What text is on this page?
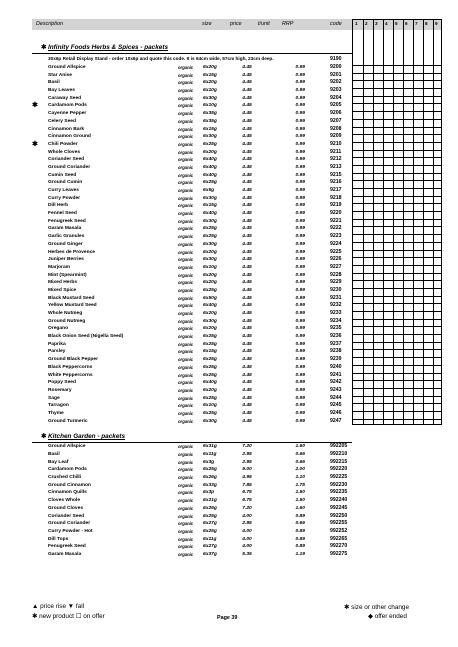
Description	size	price	t/unit RRP	code
✱ Infinity Foods Herbs & Spices - packets
30x6p Retail Display Stand - order 10x6p and quote this code. It is 64cm wide, 57cm high, 23cm deep.	9190
Ground Allspice	organic 6x20g	4.45	0.99	9200
Star Anise	organic 6x15g	4.45	0.99	9201
Basil	organic 6x20g	4.45	0.99	9202
Bay Leaves	organic 6x10g	4.45	0.99	9203
Caraway Seed	organic 6x30g	4.45	0.99	9204
✱ Cardamom Pods	organic 6x10g	4.45	0.99	9205
Cayenne Pepper	organic 6x35g	4.45	0.99	9206
Celery Seed	organic 6x35g	4.45	0.99	9207
Cinnamon Bark	organic 6x15g	4.45	0.99	9208
Cinnamon Ground	organic 6x30g	4.45	0.99	9209
✱ Chili Powder	organic 6x25g	4.45	0.99	9210
Whole Cloves	organic 6x20g	4.45	0.99	9211
Coriander Seed	organic 6x40g	4.45	0.99	9212
Ground Coriander	organic 6x40g	4.45	0.99	9213
Cumin Seed	organic 6x40g	4.45	0.99	9215
Ground Cumin	organic 6x25g	4.45	0.99	9216
Curry Leaves	organic 6x5g	4.45	0.99	9217
Curry Powder	organic 6x30g	4.45	0.99	9218
Dill Herb	organic 6x15g	4.45	0.99	9219
Fennel Seed	organic 6x40g	4.45	0.99	9220
Fenugreek Seed	organic 6x30g	4.45	0.99	9221
Garam Masala	organic 6x25g	4.45	0.99	9222
Garlic Granules	organic 6x25g	4.45	0.99	9223
Ground Ginger	organic 6x30g	4.45	0.99	9224
Herbes de Provence	organic 6x20g	4.45	0.99	9225
Juniper Berries	organic 6x30g	4.45	0.99	9226
Marjoram	organic 6x10g	4.45	0.99	9227
Mint (Spearmint)	organic 6x20g	4.45	0.99	9228
Mixed Herbs	organic 6x20g	4.45	0.99	9229
Mixed Spice	organic 6x25g	4.45	0.99	9230
Black Mustard Seed	organic 6x50g	4.45	0.99	9231
Yellow Mustard Seed	organic 6x40g	4.45	0.99	9232
Whole Nutmeg	organic 6x20g	4.45	0.99	9233
Ground Nutmeg	organic 6x30g	4.45	0.99	9234
Oregano	organic 6x20g	4.45	0.99	9235
Black Onion Seed (Nigella Seed)	organic 6x25g	4.45	0.99	9236
Paprika	organic 6x25g	4.45	0.99	9237
Parsley	organic 6x15g	4.45	0.99	9238
Ground Black Pepper	organic 6x25g	4.45	0.99	9239
Black Peppercorns	organic 6x25g	4.45	0.99	9240
White Peppercorns	organic 6x25g	4.45	0.99	9241
Poppy Seed	organic 6x40g	4.45	0.99	9242
Rosemary	organic 6x20g	4.45	0.99	9243
Sage	organic 6x25g	4.45	0.99	9244
Tarragon	organic 6x10g	4.45	0.99	9245
Thyme	organic 6x25g	4.45	0.99	9246
Ground Turmeric	organic 6x30g	4.45	0.99	9247
✱ Kitchen Garden - packets
Ground Allspice	organic 6x31g	7.20	1.60	992205
Basil	organic 6x11g	2.95	0.66	992210
Bay Leaf	organic 6x3g	2.95	0.66	992215
Cardamom Pods	organic 6x25g	9.00	2.00	992220
Crushed Chilli	organic 6x26g	4.95	1.10	992225
Ground Cinnamon	organic 6x33g	7.85	1.75	992230
Cinnamon Quills	organic 6x3p	6.75	1.50	992235
Cloves Whole	organic 6x21g	6.75	1.50	992240
Ground Cloves	organic 6x26g	7.20	1.60	992245
Coriander Seed	organic 6x25g	4.00	0.89	992250
Ground Coriander	organic 6x27g	2.95	0.66	992255
Curry Powder - Hot	organic 6x25g	4.00	0.89	992252
Dill Tops	organic 6x11g	4.00	0.89	992265
Fenugreek Seed	organic 6x27g	4.00	0.89	992270
Garam Masala	organic 6x37g	5.35	1.19	992275
▲ price rise ▼ fall
✱ new product ☐ on offer	Page 39
✱ size or other change
◆ offer ended
1 2 3 4 5 6 7 8 9
